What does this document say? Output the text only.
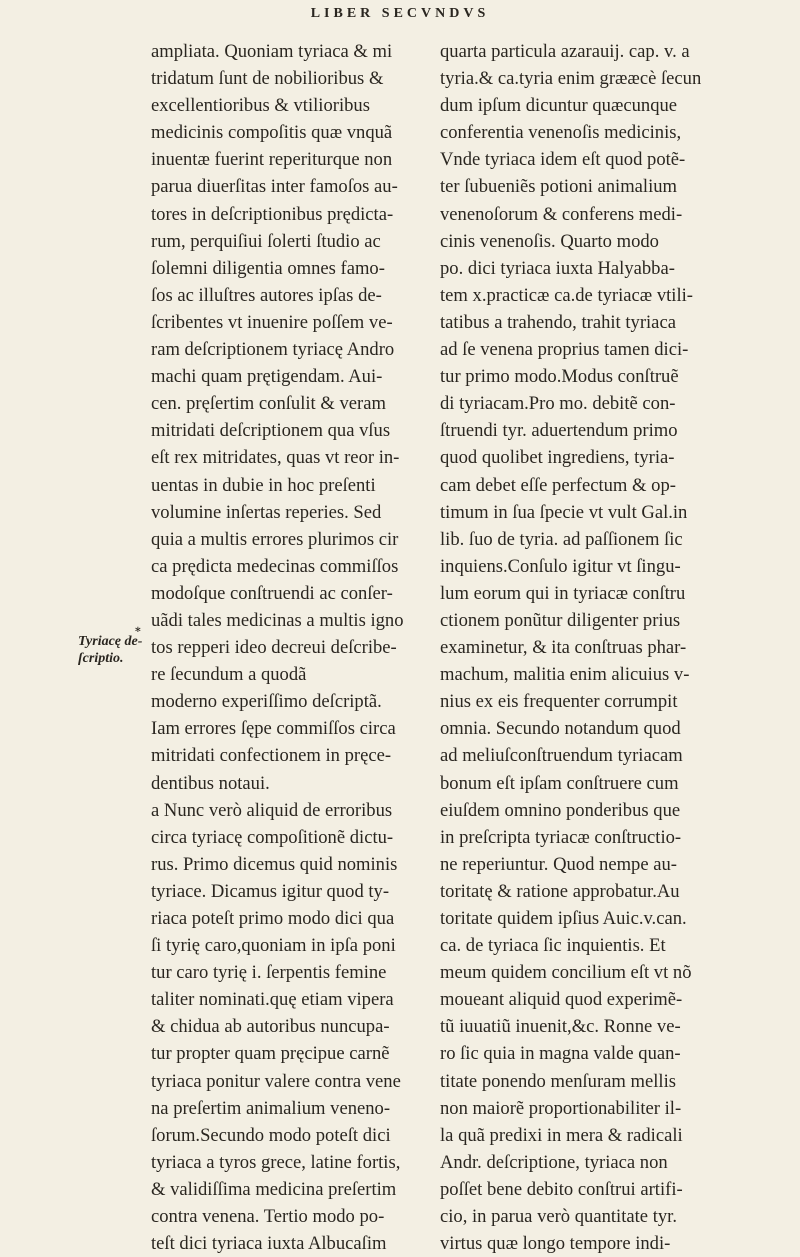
LIBER SECVNDVS
⁎
Tyriacę de-
ſcriptio.
ampliata. Quoniam tyriaca & mi
tridatum ſunt de nobilioribus &
excellentioribus & vtilioribus
medicinis compoſitis quæ vnquã
inuentæ fuerint reperiturque non
parua diuerſitas inter famoſos au-
tores in deſcriptionibus prędicta-
rum, perquiſiui ſolerti ſtudio ac
ſolemni diligentia omnes famo-
ſos ac illuſtres autores ipſas de-
ſcribentes vt inuenire poſſem ve-
ram deſcriptionem tyriacę Andro
machi quam prętigendam. Aui-
cen. pręſertim conſulit & veram
mitridati deſcriptionem qua vſus
eſt rex mitridates, quas vt reor in-
uentas in dubie in hoc preſenti
volumine inſertas reperies. Sed
quia a multis errores plurimos cir
ca prędicta medecinas commiſſos
modoſque conſtruendi ac conſer-
uãdi tales medicinas a multis igno
tos repperi ideo decreui deſcribe-
re ſecundum a quodã
moderno experiſſimo deſcriptã.
Iam errores ſępe commiſſos circa
mitridati confectionem in pręce-
dentibus notaui.
a Nunc verò aliquid de erroribus
circa tyriacę compoſitionẽ dictu-
rus. Primo dicemus quid nominis
tyriace. Dicamus igitur quod ty-
riaca poteſt primo modo dici qua
ſi tyrię caro,quoniam in ipſa poni
tur caro tyrię i. ſerpentis femine
taliter nominati.quę etiam vipera
& chidua ab autoribus nuncupa-
tur propter quam pręcipue carnẽ
tyriaca ponitur valere contra vene
na preſertim animalium veneno-
ſorum.Secundo modo poteſt dici
tyriaca a tyros grece, latine fortis,
& validiſſima medicina preſertim
contra venena. Tertio modo po-
teſt dici tyriaca iuxta Albucaſim
quarta particula azarauij. cap. v. a
tyria.& ca.tyria enim grææcè ſecun
dum ipſum dicuntur quæcunque
conferentia venenoſis medicinis,
Vnde tyriaca idem eſt quod potẽ-
ter ſubueniẽs potioni animalium
venenoſorum & conferens medi-
cinis venenoſis. Quarto modo
po. dici tyriaca iuxta Halyabba-
tem x.practicæ ca.de tyriacæ vtili-
tatibus a trahendo, trahit tyriaca
ad ſe venena proprius tamen dici-
tur primo modo.Modus conſtruẽ
di tyriacam.Pro mo. debitẽ con-
ſtruendi tyr. aduertendum primo
quod quolibet ingrediens, tyria-
cam debet eſſe perfectum & op-
timum in ſua ſpecie vt vult Gal.in
lib. ſuo de tyria. ad paſſionem ſic
inquiens.Conſulo igitur vt ſingu-
lum eorum qui in tyriacæ conſtru
ctionem ponũtur diligenter prius
examinetur, & ita conſtruas phar-
machum, malitia enim alicuius v-
nius ex eis frequenter corrumpit
omnia. Secundo notandum quod
ad meliuſconſtruendum tyriacam
bonum eſt ipſam conſtruere cum
eiuſdem omnino ponderibus que
in preſcripta tyriacæ conſtructio-
ne reperiuntur. Quod nempe au-
toritatę & ratione approbatur.Au
toritate quidem ipſius Auic.v.can.
ca. de tyriaca ſic inquientis. Et
meum quidem concilium eſt vt nõ
moueant aliquid quod experimẽ-
tũ iuuatiũ inuenit,&c. Ronne ve-
ro ſic quia in magna valde quan-
titate ponendo menſuram mellis
non maiorẽ proportionabiliter il-
la quã predixi in mera & radicali
Andr. deſcriptione, tyriaca non
poſſet bene debito conſtrui artifi-
cio, in parua verò quantitate tyr.
virtus quæ longo tempore indi-
